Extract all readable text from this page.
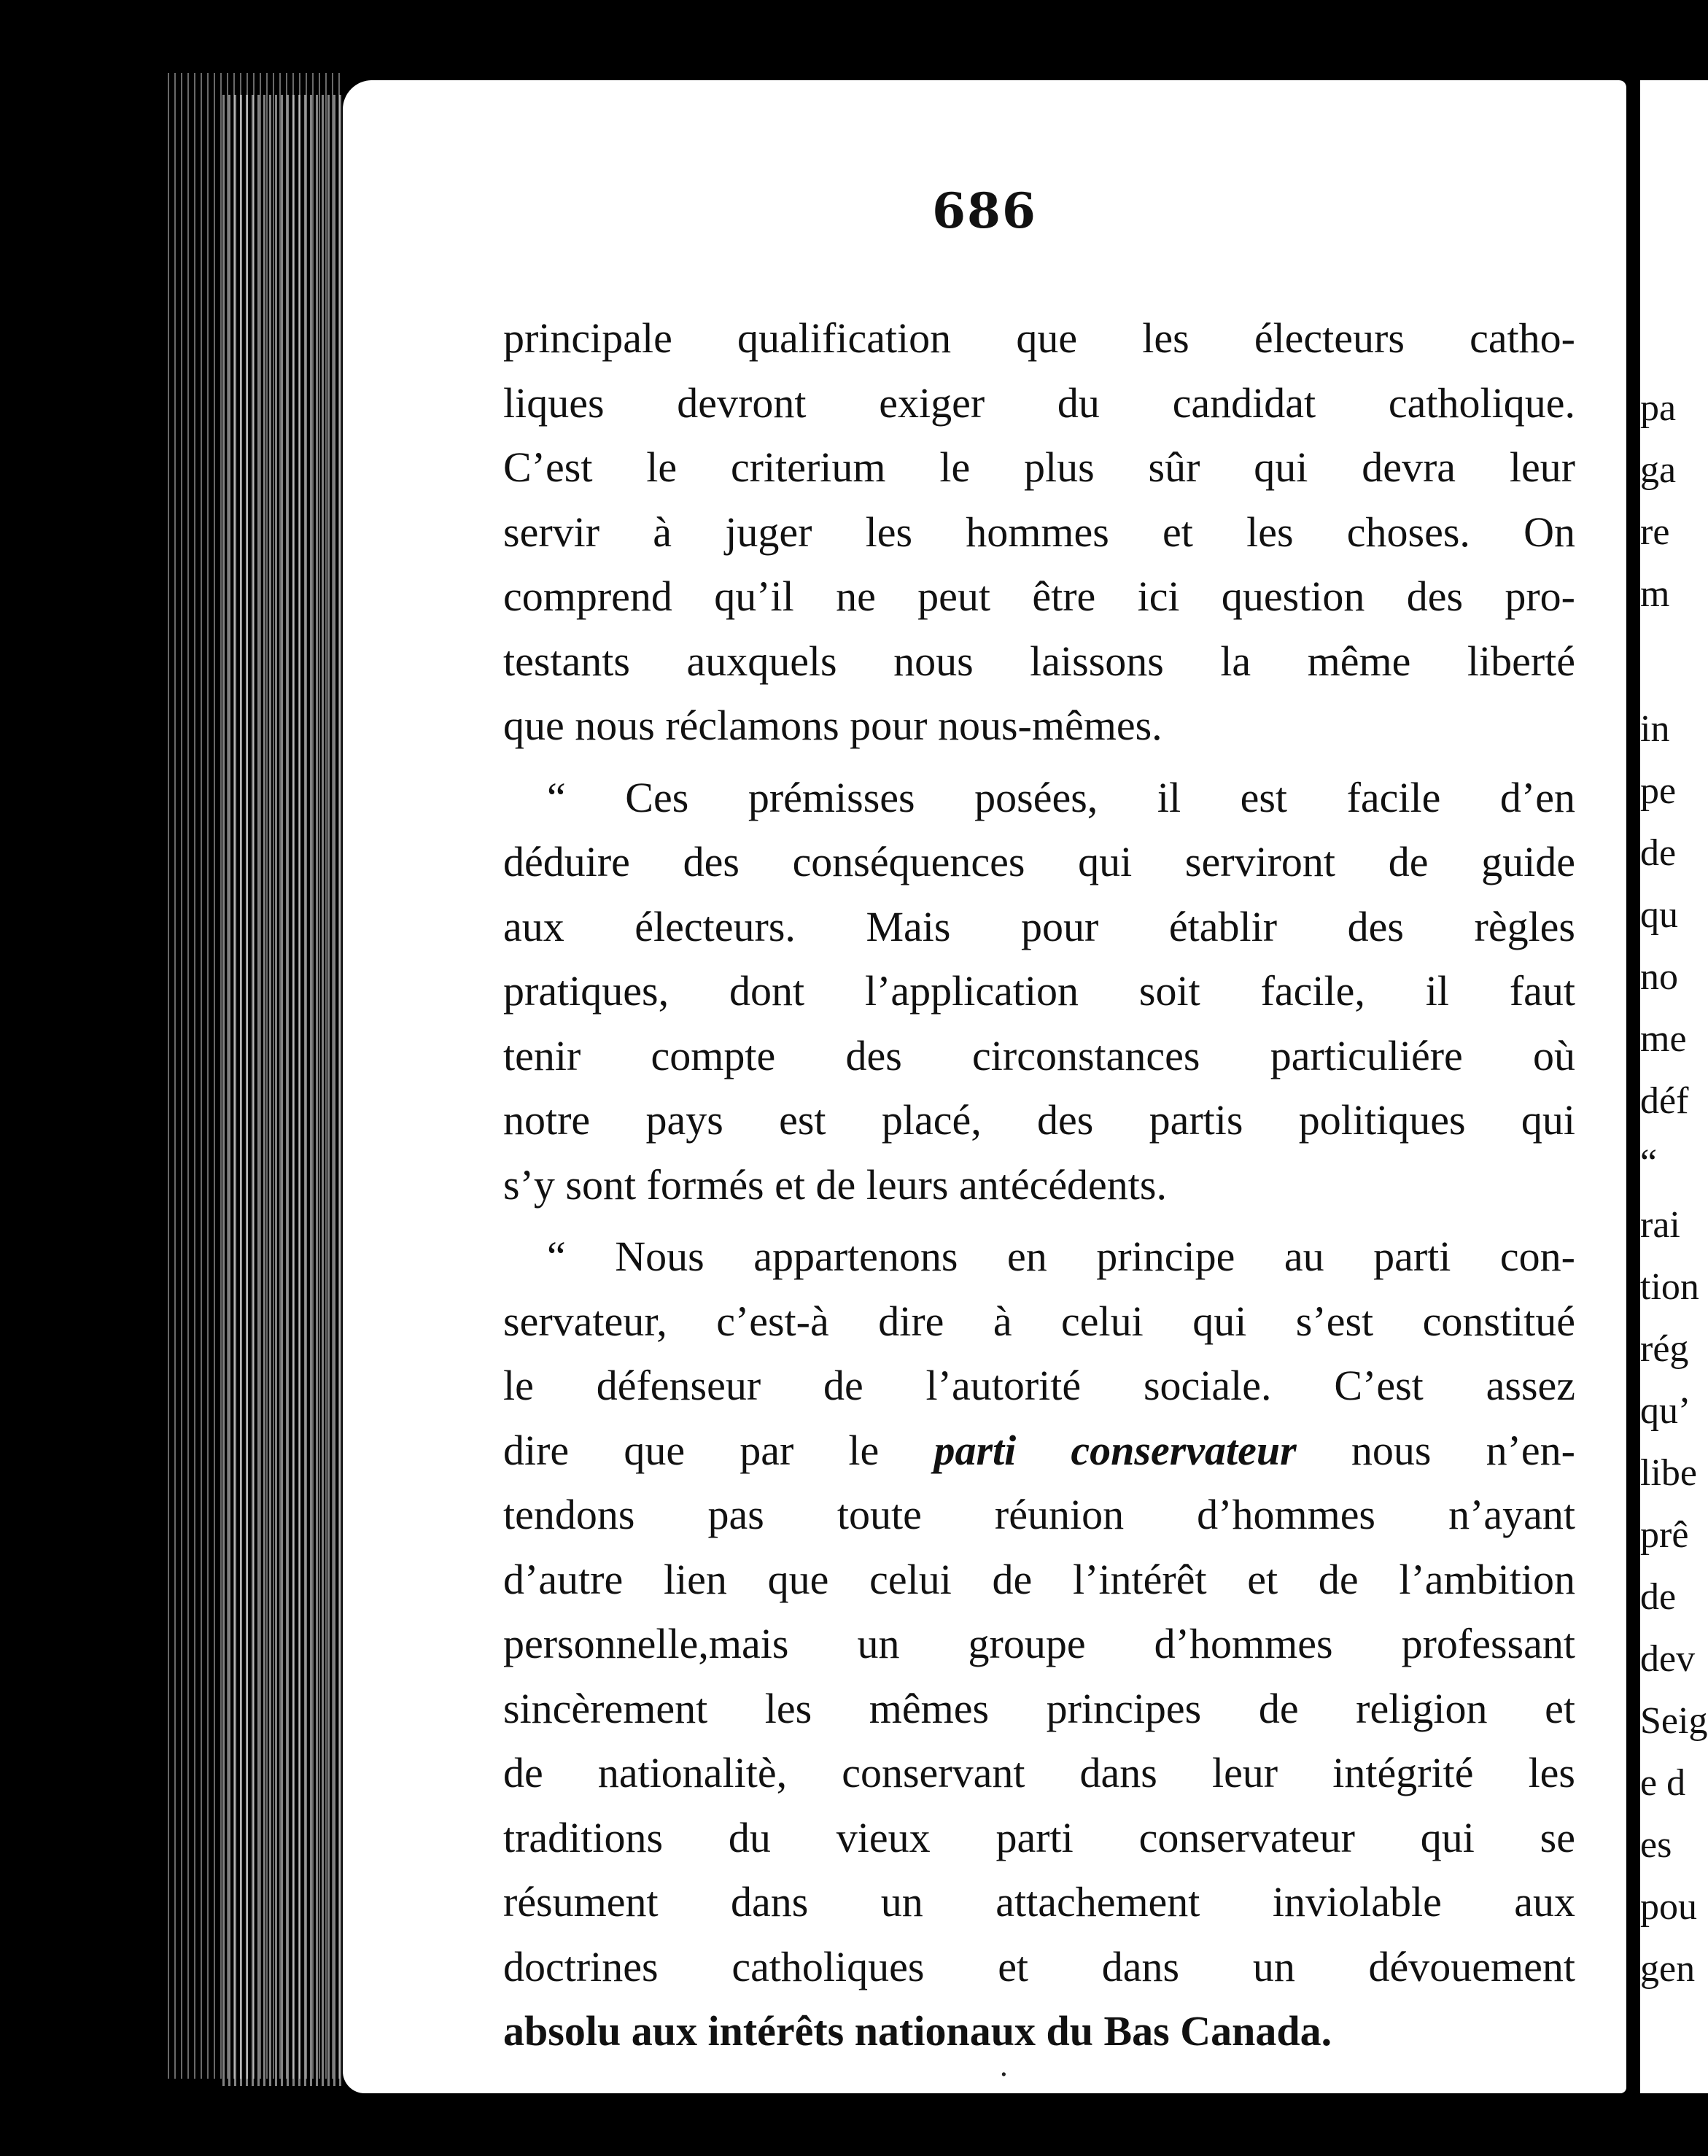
686
principale qualification que les électeurs catho-
liques devront exiger du candidat catholique.
C’est le criterium le plus sûr qui devra leur
servir à juger les hommes et les choses. On
comprend qu’il ne peut être ici question des pro-
testants auxquels nous laissons la même liberté
que nous réclamons pour nous-mêmes.
“ Ces prémisses posées, il est facile d’en
déduire des conséquences qui serviront de guide
aux électeurs. Mais pour établir des règles
pratiques, dont l’application soit facile, il faut
tenir compte des circonstances particuliére où
notre pays est placé, des partis politiques qui
s’y sont formés et de leurs antécédents.
“ Nous appartenons en principe au parti con-
servateur, c’est-à dire à celui qui s’est constitué
le défenseur de l’autorité sociale. C’est assez
dire que par le parti conservateur nous n’en-
tendons pas toute réunion d’hommes n’ayant
d’autre lien que celui de l’intérêt et de l’ambition
personnelle,mais un groupe d’hommes professant
sincèrement les mêmes principes de religion et
de nationalitè, conservant dans leur intégrité les
traditions du vieux parti conservateur qui se
résument dans un attachement inviolable aux
doctrines catholiques et dans un dévouement
absolu aux intérêts nationaux du Bas Canada.
.
pa
ga
re
m
in
pe
de
qu
no
me
déf
“
rai
tion
rég
qu’
libe
prê
de
dev
Seig
e d
es
pou
gen
